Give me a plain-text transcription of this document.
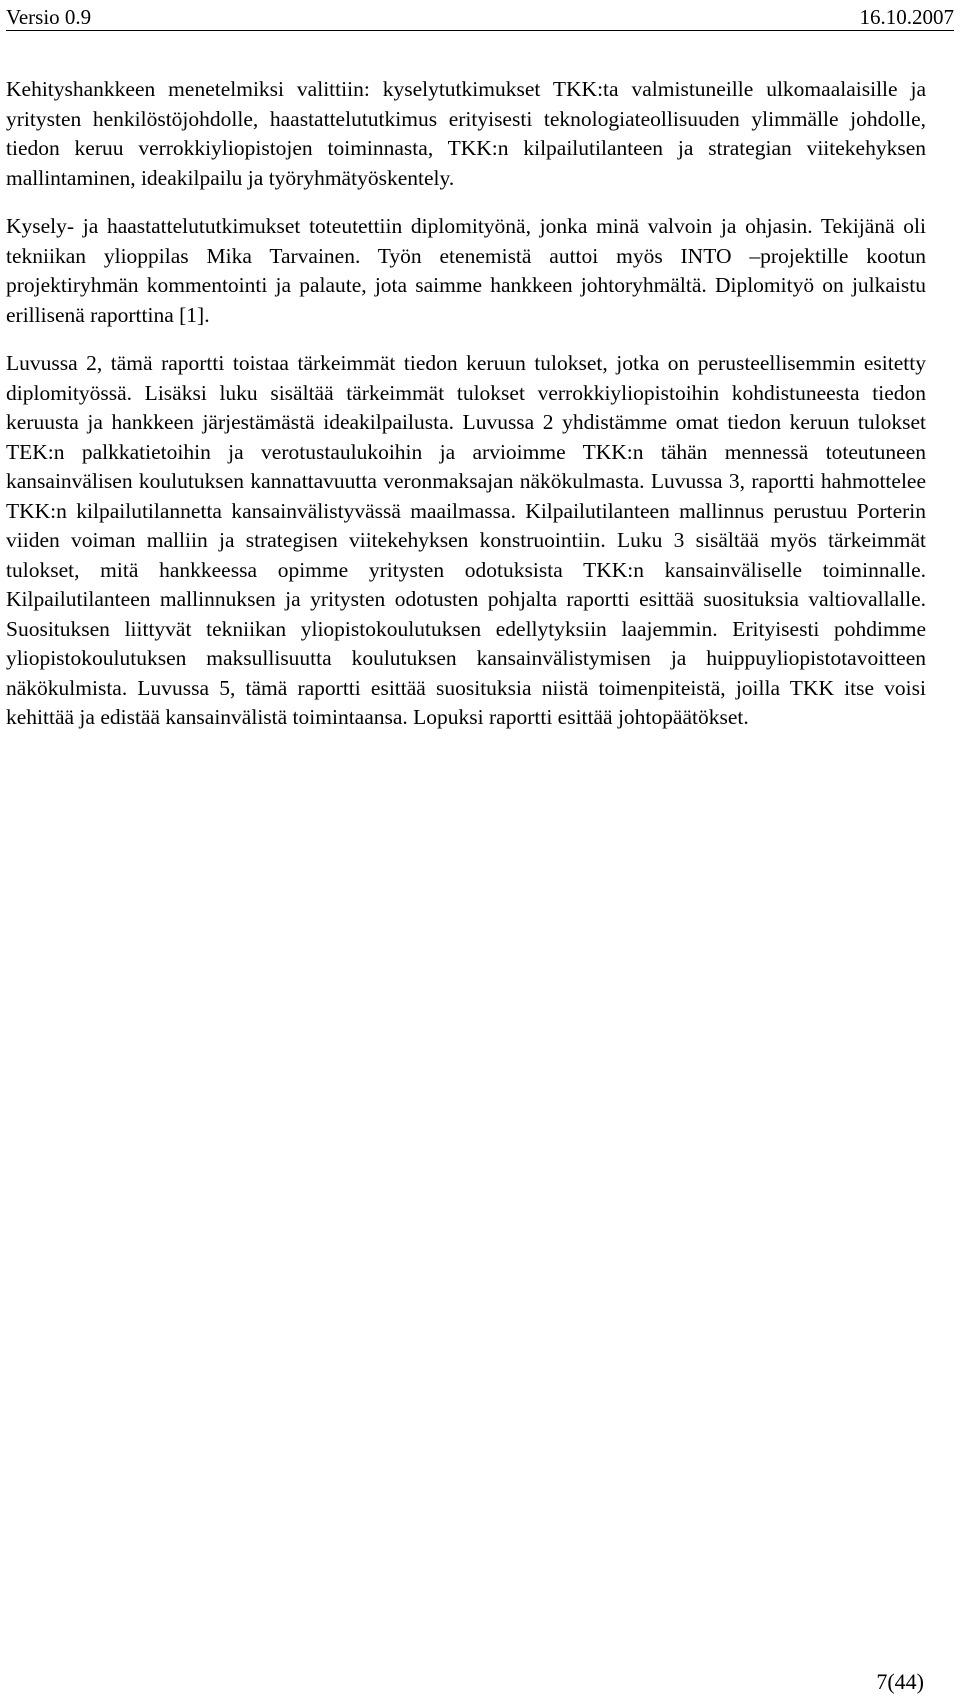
Versio 0.9	16.10.2007

Kehityshankkeen menetelmiksi valittiin: kyselytutkimukset TKK:ta valmistuneille ulkomaalaisille ja yritysten henkilöstöjohdolle, haastattelututkimus erityisesti teknologiateollisuuden ylimmälle johdolle, tiedon keruu verrokkiyliopistojen toiminnasta, TKK:n kilpailutilanteen ja strategian viitekehyksen mallintaminen, ideakilpailu ja työryhmätyöskentely.

Kysely- ja haastattelututkimukset toteutettiin diplomityönä, jonka minä valvoin ja ohjasin. Tekijänä oli tekniikan ylioppilas Mika Tarvainen. Työn etenemistä auttoi myös INTO –projektille kootun projektiryhmän kommentointi ja palaute, jota saimme hankkeen johtoryhmältä. Diplomityö on julkaistu erillisenä raporttina [1].

Luvussa 2, tämä raportti toistaa tärkeimmät tiedon keruun tulokset, jotka on perusteellisemmin esitetty diplomityössä. Lisäksi luku sisältää tärkeimmät tulokset verrokkiyliopistoihin kohdistuneesta tiedon keruusta ja hankkeen järjestämästä ideakilpailusta. Luvussa 2 yhdistämme omat tiedon keruun tulokset TEK:n palkkatietoihin ja verotustaulukoihin ja arvioimme TKK:n tähän mennessä toteutuneen kansainvälisen koulutuksen kannattavuutta veronmaksajan näkökulmasta. Luvussa 3, raportti hahmottelee TKK:n kilpailutilannetta kansainvälistyvässä maailmassa. Kilpailutilanteen mallinnus perustuu Porterin viiden voiman malliin ja strategisen viitekehyksen konstruointiin. Luku 3 sisältää myös tärkeimmät tulokset, mitä hankkeessa opimme yritysten odotuksista TKK:n kansainväliselle toiminnalle. Kilpailutilanteen mallinnuksen ja yritysten odotusten pohjalta raportti esittää suosituksia valtiovallalle. Suosituksen liittyvät tekniikan yliopistokoulutuksen edellytyksiin laajemmin. Erityisesti pohdimme yliopistokoulutuksen maksullisuutta koulutuksen kansainvälistymisen ja huippuyliopistotavoitteen näkökulmista. Luvussa 5, tämä raportti esittää suosituksia niistä toimenpiteistä, joilla TKK itse voisi kehittää ja edistää kansainvälistä toimintaansa. Lopuksi raportti esittää johtopäätökset.

7(44)
